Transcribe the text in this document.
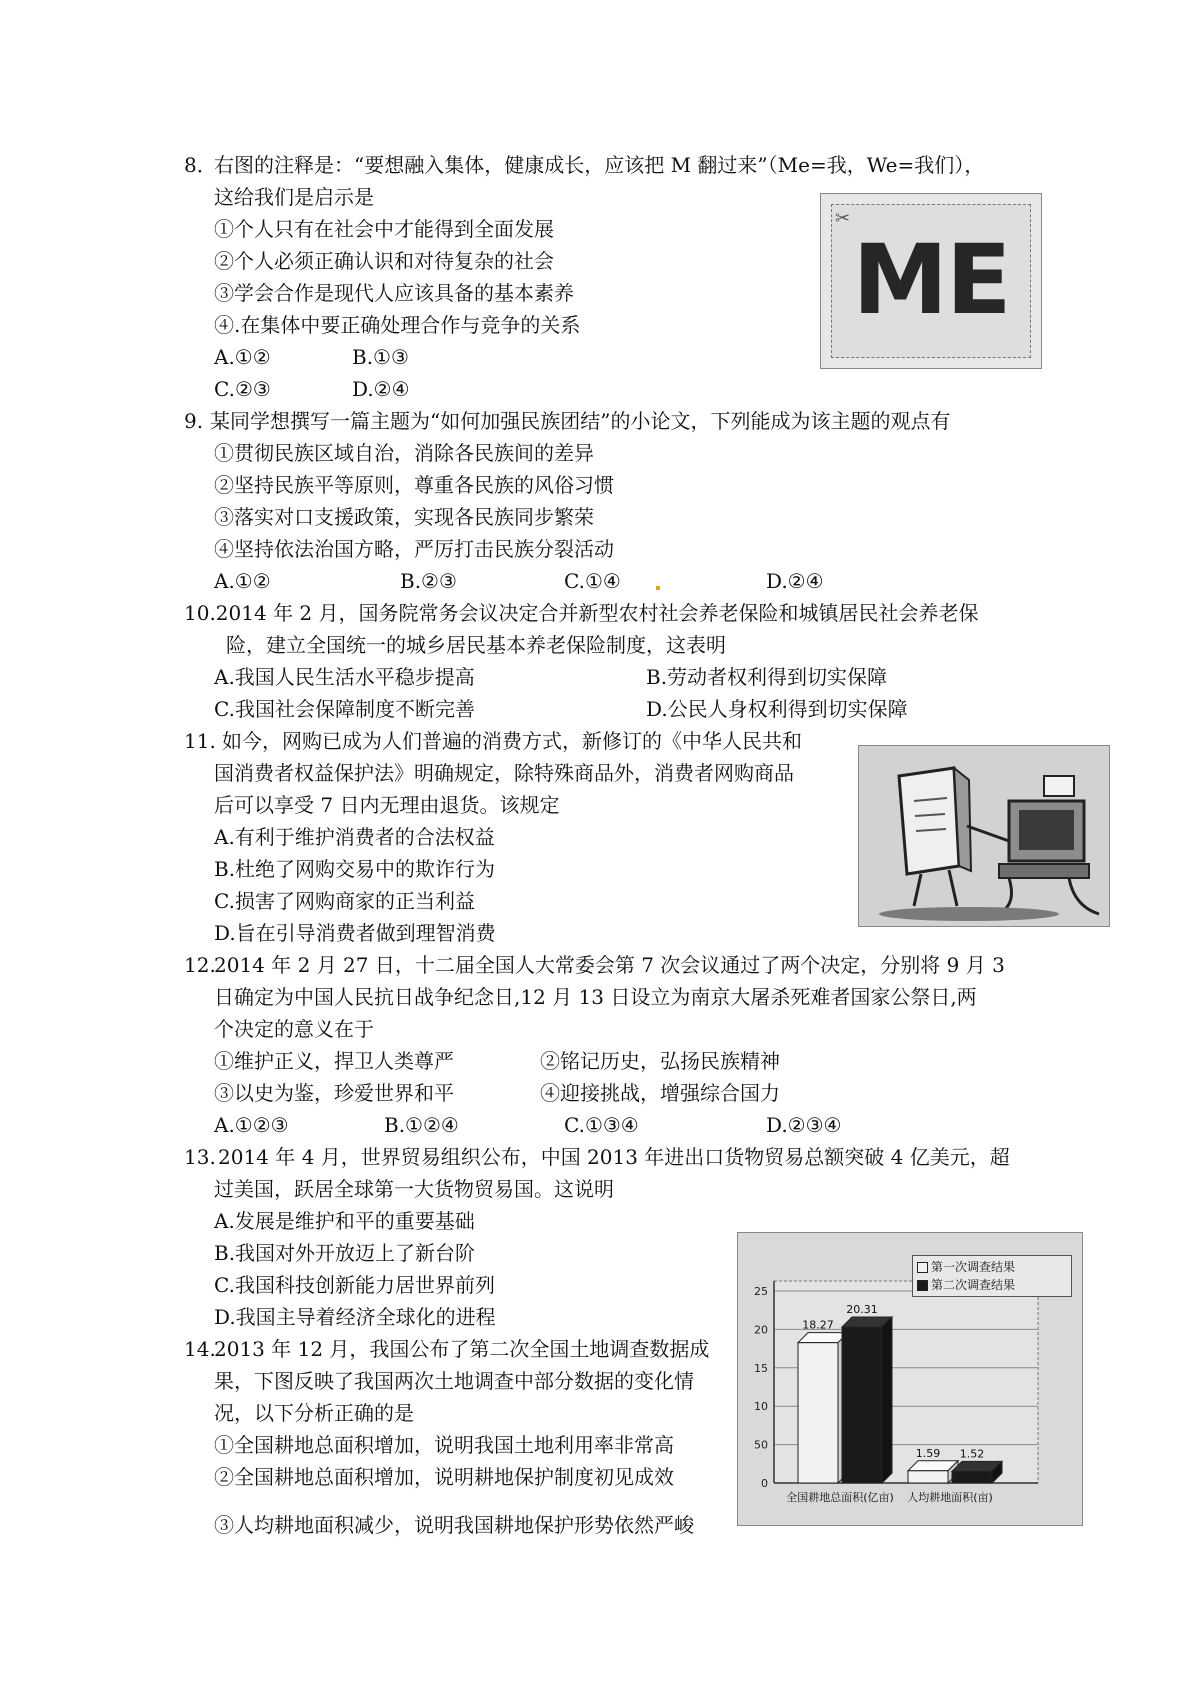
8．
右图的注释是：“要想融入集体，健康成长，应该把 M 翻过来”（Me=我，We=我们），
这给我们是启示是
①个人只有在社会中才能得到全面发展
②个人必须正确认识和对待复杂的社会
③学会合作是现代人应该具备的基本素养
④.在集体中要正确处理合作与竞争的关系
A.①②	B.①③
C.②③	D.②④
✂
ME
9. 某同学想撰写一篇主题为“如何加强民族团结”的小论文，下列能成为该主题的观点有
①贯彻民族区域自治，消除各民族间的差异
②坚持民族平等原则，尊重各民族的风俗习惯
③落实对口支援政策，实现各民族同步繁荣
④坚持依法治国方略，严厉打击民族分裂活动
A.①②	B.②③	C.①④	D.②④
10.2014 年 2 月，国务院常务会议决定合并新型农村社会养老保险和城镇居民社会养老保
险，建立全国统一的城乡居民基本养老保险制度，这表明
A.我国人民生活水平稳步提高	B.劳动者权利得到切实保障
C.我国社会保障制度不断完善	D.公民人身权利得到切实保障
11. 如今，网购已成为人们普遍的消费方式，新修订的《中华人民共和
国消费者权益保护法》明确规定，除特殊商品外，消费者网购商品
后可以享受 7 日内无理由退货。该规定
A.有利于维护消费者的合法权益
B.杜绝了网购交易中的欺诈行为
C.损害了网购商家的正当利益
D.旨在引导消费者做到理智消费
12.
2014 年 2 月 27 日，十二届全国人大常委会第 7 次会议通过了两个决定，分别将 9 月 3
日确定为中国人民抗日战争纪念日,12 月 13 日设立为南京大屠杀死难者国家公祭日,两
个决定的意义在于
①维护正义，捍卫人类尊严	②铭记历史，弘扬民族精神
③以史为鉴，珍爱世界和平	④迎接挑战，增强综合国力
A.①②③	B.①②④	C.①③④	D.②③④
13. 2014 年 4 月，世界贸易组织公布，中国 2013 年进出口货物贸易总额突破 4 亿美元，超
过美国，跃居全球第一大货物贸易国。这说明
A.发展是维护和平的重要基础
B.我国对外开放迈上了新台阶
C.我国科技创新能力居世界前列
D.我国主导着经济全球化的进程
14.
2013 年 12 月，我国公布了第二次全国土地调查数据成
果，下图反映了我国两次土地调查中部分数据的变化情
况，以下分析正确的是
①全国耕地总面积增加，说明我国土地利用率非常高
②全国耕地总面积增加，说明耕地保护制度初见成效
③人均耕地面积减少，说明我国耕地保护形势依然严峻
0
50
10
15
20
25
18.27
20.31
全国耕地总面积(亿亩)
1.59 1.52
人均耕地面积(亩)
第一次调查结果
第二次调查结果
